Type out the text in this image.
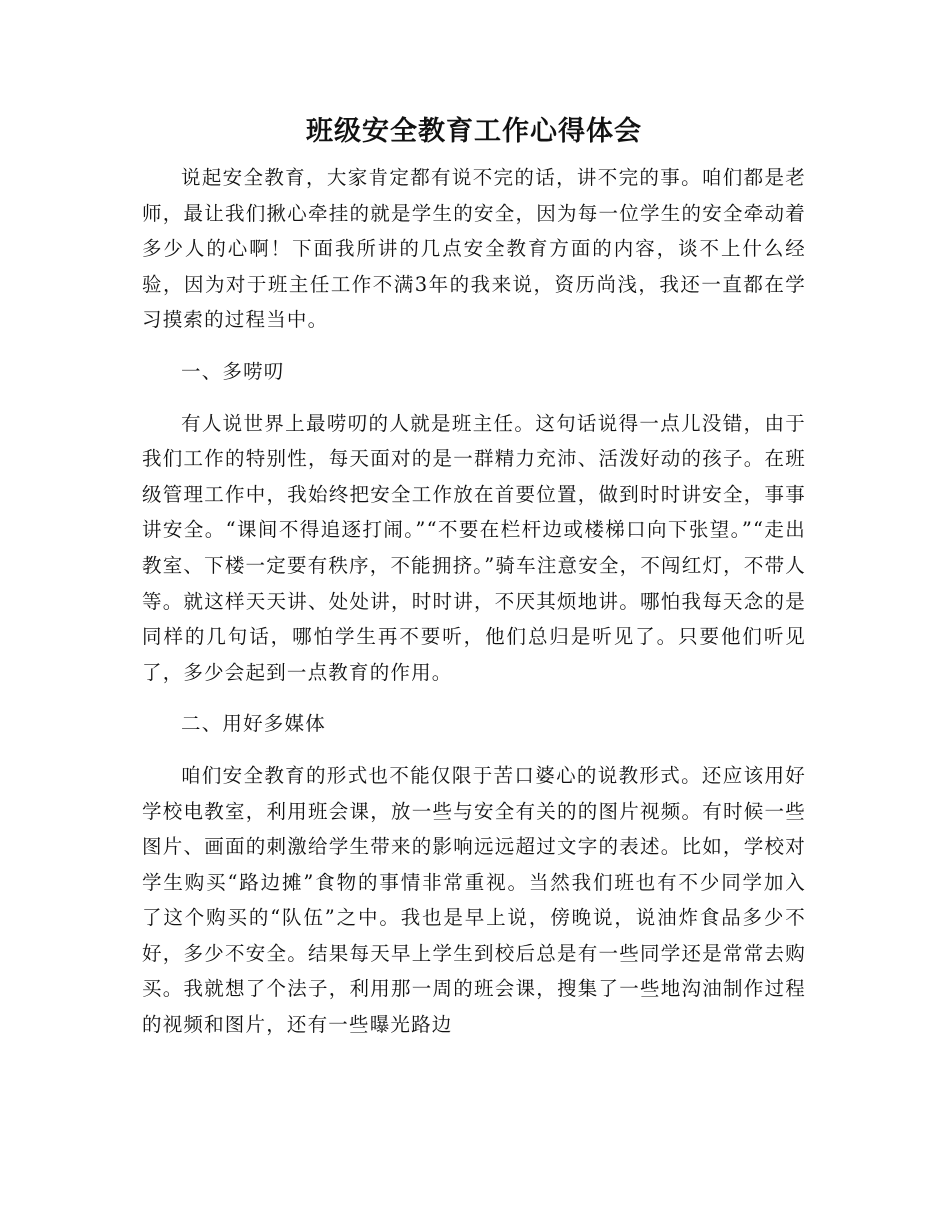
班级安全教育工作心得体会

说起安全教育，大家肯定都有说不完的话，讲不完的事。咱们都是老师，最让我们揪心牵挂的就是学生的安全，因为每一位学生的安全牵动着多少人的心啊！下面我所讲的几点安全教育方面的内容，谈不上什么经验，因为对于班主任工作不满3年的我来说，资历尚浅，我还一直都在学习摸索的过程当中。

一、多唠叨

有人说世界上最唠叨的人就是班主任。这句话说得一点儿没错，由于我们工作的特别性，每天面对的是一群精力充沛、活泼好动的孩子。在班级管理工作中，我始终把安全工作放在首要位置，做到时时讲安全，事事讲安全。“课间不得追逐打闹。”“不要在栏杆边或楼梯口向下张望。”“走出教室、下楼一定要有秩序，不能拥挤。”骑车注意安全，不闯红灯，不带人等。就这样天天讲、处处讲，时时讲，不厌其烦地讲。哪怕我每天念的是同样的几句话，哪怕学生再不要听，他们总归是听见了。只要他们听见了，多少会起到一点教育的作用。

二、用好多媒体

咱们安全教育的形式也不能仅限于苦口婆心的说教形式。还应该用好学校电教室，利用班会课，放一些与安全有关的的图片视频。有时候一些图片、画面的刺激给学生带来的影响远远超过文字的表述。比如，学校对学生购买“路边摊”食物的事情非常重视。当然我们班也有不少同学加入了这个购买的“队伍”之中。我也是早上说，傍晚说，说油炸食品多少不好，多少不安全。结果每天早上学生到校后总是有一些同学还是常常去购买。我就想了个法子，利用那一周的班会课，搜集了一些地沟油制作过程的视频和图片，还有一些曝光路边
